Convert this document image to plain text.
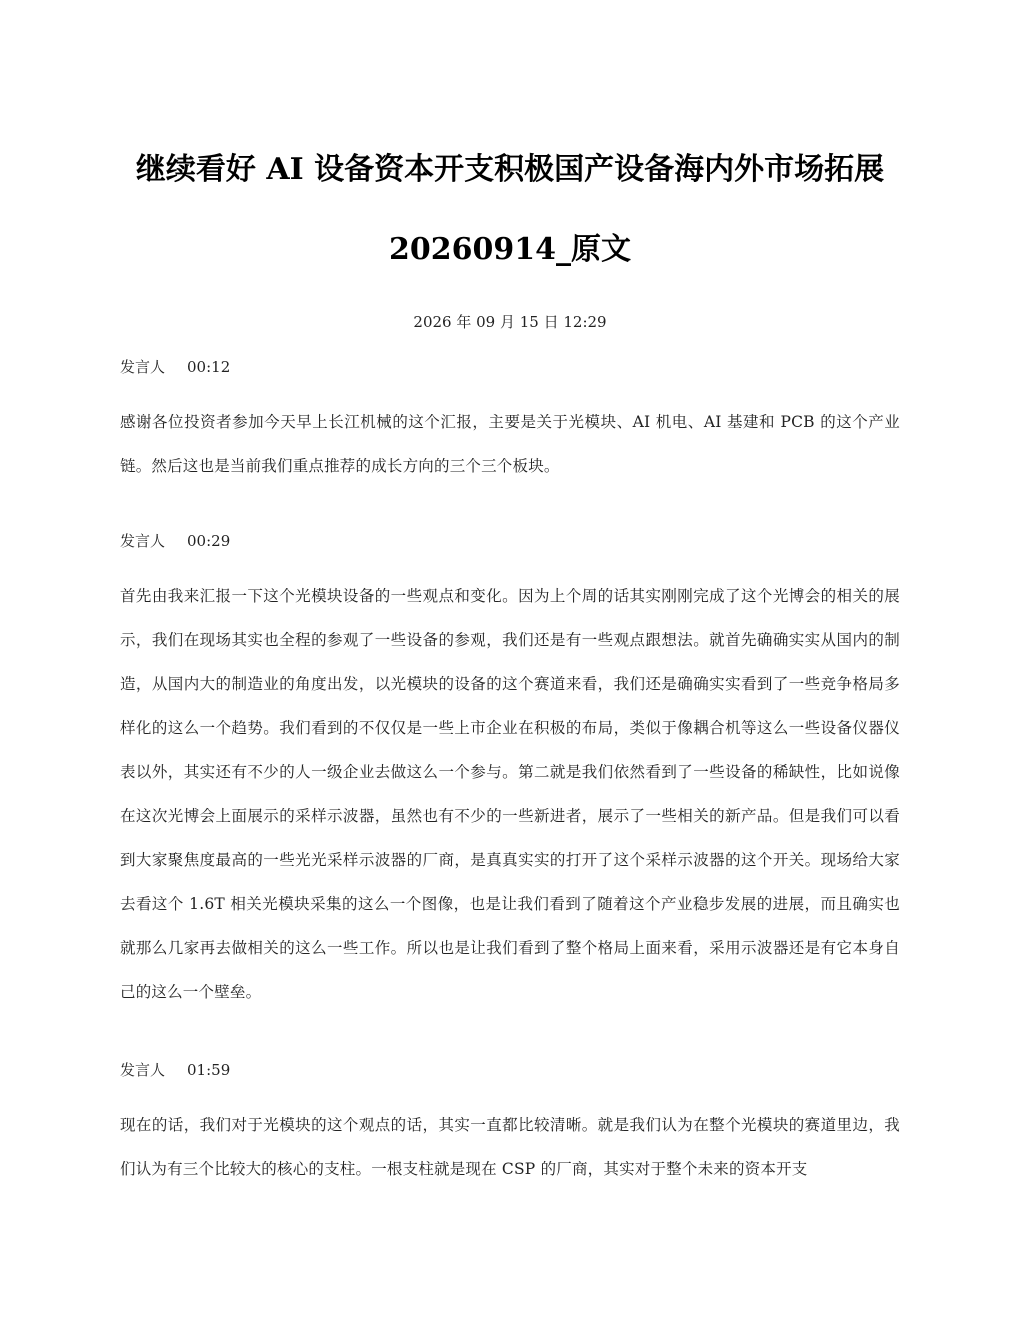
继续看好 AI 设备资本开支积极国产设备海内外市场拓展
20260914_原文
2026 年 09 月 15 日 12:29

发言人 00:12

感谢各位投资者参加今天早上长江机械的这个汇报，主要是关于光模块、AI 机电、AI 基建和 PCB 的这个产业链。然后这也是当前我们重点推荐的成长方向的三个三个板块。

发言人 00:29

首先由我来汇报一下这个光模块设备的一些观点和变化。因为上个周的话其实刚刚完成了这个光博会的相关的展示，我们在现场其实也全程的参观了一些设备的参观，我们还是有一些观点跟想法。就首先确确实实从国内的制造，从国内大的制造业的角度出发，以光模块的设备的这个赛道来看，我们还是确确实实看到了一些竞争格局多样化的这么一个趋势。我们看到的不仅仅是一些上市企业在积极的布局，类似于像耦合机等这么一些设备仪器仪表以外，其实还有不少的人一级企业去做这么一个参与。第二就是我们依然看到了一些设备的稀缺性，比如说像在这次光博会上面展示的采样示波器，虽然也有不少的一些新进者，展示了一些相关的新产品。但是我们可以看到大家聚焦度最高的一些光光采样示波器的厂商，是真真实实的打开了这个采样示波器的这个开关。现场给大家去看这个 1.6T 相关光模块采集的这么一个图像，也是让我们看到了随着这个产业稳步发展的进展，而且确实也就那么几家再去做相关的这么一些工作。所以也是让我们看到了整个格局上面来看，采用示波器还是有它本身自己的这么一个壁垒。

发言人 01:59

现在的话，我们对于光模块的这个观点的话，其实一直都比较清晰。就是我们认为在整个光模块的赛道里边，我们认为有三个比较大的核心的支柱。一根支柱就是现在 CSP 的厂商，其实对于整个未来的资本开支
